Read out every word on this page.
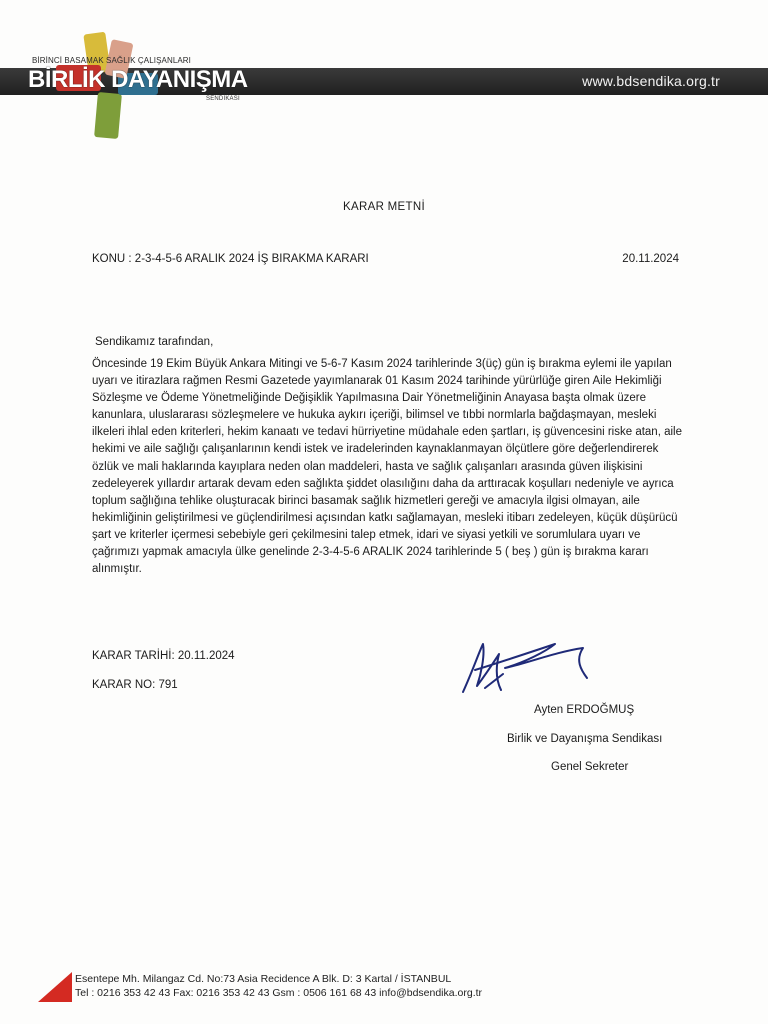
BİRİNCİ BASAMAK SAĞLIK ÇALIŞANLARI
BİRLİK DAYANIŞMA
SENDİKASI
www.bdsendika.org.tr
KARAR METNİ
KONU : 2-3-4-5-6 ARALIK 2024 İŞ BIRAKMA KARARI	20.11.2024
Sendikamız tarafından,

Öncesinde 19 Ekim Büyük Ankara Mitingi ve 5-6-7 Kasım 2024 tarihlerinde 3(üç) gün iş bırakma eylemi ile yapılan uyarı ve itirazlara rağmen Resmi Gazetede yayımlanarak 01 Kasım 2024 tarihinde yürürlüğe giren Aile Hekimliği Sözleşme ve Ödeme Yönetmeliğinde Değişiklik Yapılmasına Dair Yönetmeliğinin Anayasa başta olmak üzere kanunlara, uluslararası sözleşmelere ve hukuka aykırı içeriği, bilimsel ve tıbbi normlarla bağdaşmayan, mesleki ilkeleri ihlal eden kriterleri, hekim kanaatı ve tedavi hürriyetine müdahale eden şartları, iş güvencesini riske atan, aile hekimi ve aile sağlığı çalışanlarının kendi istek ve iradelerinden kaynaklanmayan ölçütlere göre değerlendirerek özlük ve mali haklarında kayıplara neden olan maddeleri, hasta ve sağlık çalışanları arasında güven ilişkisini zedeleyerek yıllardır artarak devam eden sağlıkta şiddet olasılığını daha da arttıracak koşulları nedeniyle ve ayrıca toplum sağlığına tehlike oluşturacak birinci basamak sağlık hizmetleri gereği ve amacıyla ilgisi olmayan, aile hekimliğinin geliştirilmesi ve güçlendirilmesi açısından katkı sağlamayan, mesleki itibarı zedeleyen, küçük düşürücü şart ve kriterler içermesi sebebiyle geri çekilmesini talep etmek, idari ve siyasi yetkili ve sorumlulara uyarı ve çağrımızı yapmak amacıyla ülke genelinde 2-3-4-5-6 ARALIK 2024 tarihlerinde 5 ( beş ) gün iş bırakma kararı alınmıştır.

KARAR TARİHİ: 20.11.2024
KARAR NO: 791
Ayten ERDOĞMUŞ
Birlik ve Dayanışma Sendikası
Genel Sekreter
Esentepe Mh. Milangaz Cd. No:73 Asia Recidence A Blk. D: 3 Kartal / İSTANBUL
Tel : 0216 353 42 43 Fax: 0216 353 42 43 Gsm : 0506 161 68 43 info@bdsendika.org.tr
